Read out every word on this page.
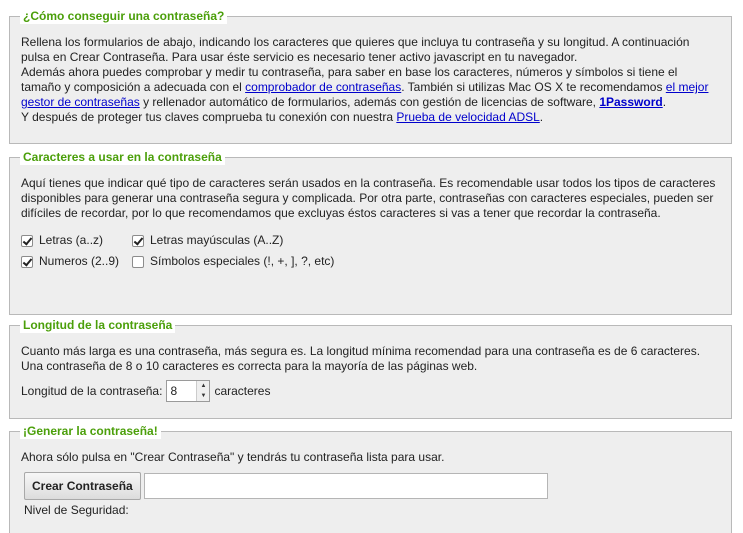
¿Cómo conseguir una contraseña?

Rellena los formularios de abajo, indicando los caracteres que quieres que incluya tu contraseña y su longitud. A continuación pulsa en Crear Contraseña. Para usar éste servicio es necesario tener activo javascript en tu navegador.

Además ahora puedes comprobar y medir tu contraseña, para saber en base los caracteres, números y símbolos si tiene el tamaño y composición a adecuada con el comprobador de contraseñas. También si utilizas Mac OS X te recomendamos el mejor gestor de contraseñas y rellenador automático de formularios, además con gestión de licencias de software, 1Password.

Y después de proteger tus claves comprueba tu conexión con nuestra Prueba de velocidad ADSL.

Caracteres a usar en la contraseña

Aquí tienes que indicar qué tipo de caracteres serán usados en la contraseña. Es recomendable usar todos los tipos de caracteres disponibles para generar una contraseña segura y complicada. Por otra parte, contraseñas con caracteres especiales, pueden ser difíciles de recordar, por lo que recomendamos que excluyas éstos caracteres si vas a tener que recordar la contraseña.

Letras (a..z)	Letras mayúsculas (A..Z)
Numeros (2..9)	Símbolos especiales (!, +, ], ?, etc)
Longitud de la contraseña

Cuanto más larga es una contraseña, más segura es. La longitud mínima recomendad para una contraseña es de 6 caracteres. Una contraseña de 8 o 10 caracteres es correcta para la mayoría de las páginas web.

Longitud de la contraseña: 8	▲
▼ caracteres
¡Generar la contraseña!

Ahora sólo pulsa en "Crear Contraseña" y tendrás tu contraseña lista para usar.

Crear Contraseña
Nivel de Seguridad:
